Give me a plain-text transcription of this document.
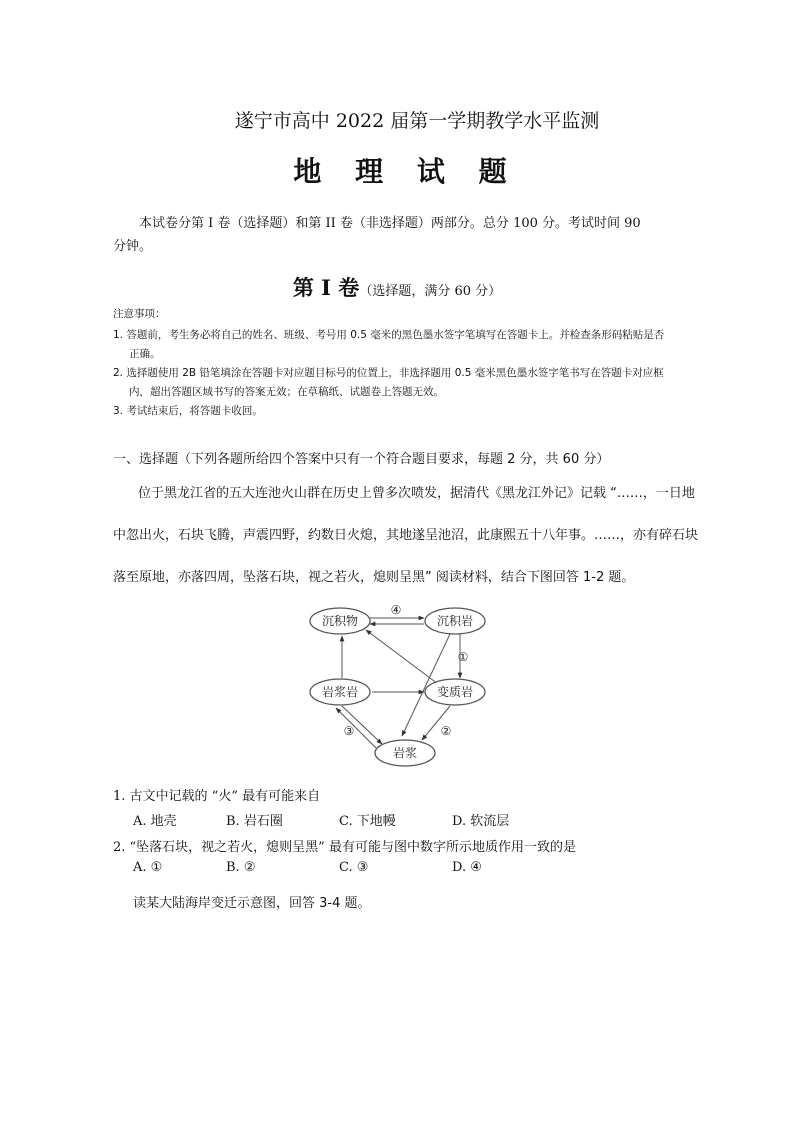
遂宁市高中 2022 届第一学期教学水平监测
地 理 试 题
本试卷分第 I 卷（选择题）和第 II 卷（非选择题）两部分。总分 100 分。考试时间 90
分钟。
第 Ⅰ 卷（选择题，满分 60 分）
注意事项：
1. 答题前，考生务必将自己的姓名、班级、考号用 0.5 毫米的黑色墨水签字笔填写在答题卡上。并检查条形码粘贴是否
正确。
2. 选择题使用 2B 铅笔填涂在答题卡对应题目标号的位置上，非选择题用 0.5 毫米黑色墨水签字笔书写在答题卡对应框
内，超出答题区域书写的答案无效；在草稿纸、试题卷上答题无效。
3. 考试结束后，将答题卡收回。
一、选择题（下列各题所给四个答案中只有一个符合题目要求，每题 2 分，共 60 分）
位于黑龙江省的五大连池火山群在历史上曾多次喷发，据清代《黑龙江外记》记载 “……，一日地
中忽出火，石块飞腾，声震四野，约数日火熄，其地遂呈池沼，此康熙五十八年事。……，亦有碎石块
落至原地，亦落四周，坠落石块，视之若火，熄则呈黑” 阅读材料，结合下图回答 1-2 题。
沉积物	沉积岩
岩浆岩	变质岩
岩浆
④
①
②
③
1. 古文中记载的 “火” 最有可能来自
A. 地壳	B. 岩石圈	C. 下地幔	D. 软流层
2. “坠落石块，视之若火，熄则呈黑” 最有可能与图中数字所示地质作用一致的是
A. ①	B. ②	C. ③	D. ④
读某大陆海岸变迁示意图，回答 3-4 题。
